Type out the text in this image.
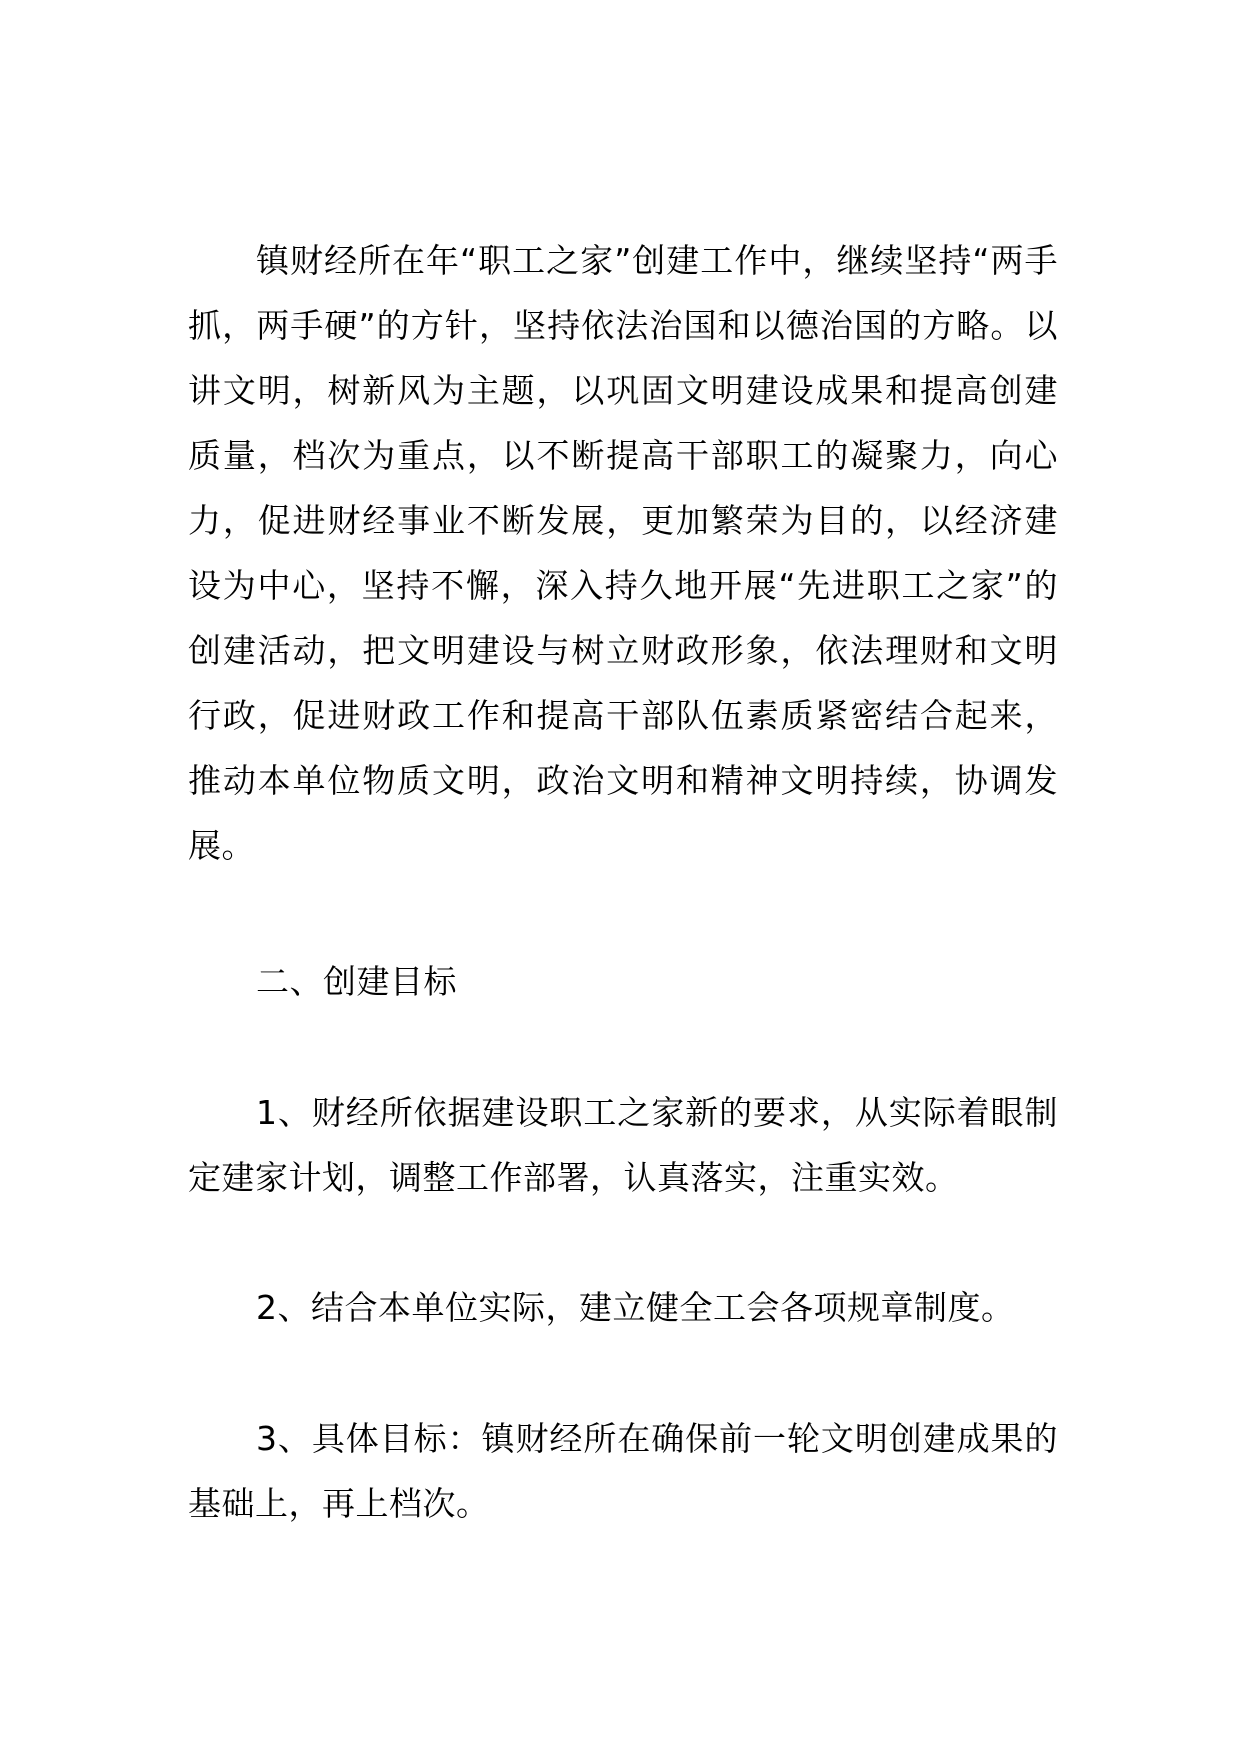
镇财经所在年“职工之家”创建工作中，继续坚持“两手抓，两手硬”的方针，坚持依法治国和以德治国的方略。以讲文明，树新风为主题，以巩固文明建设成果和提高创建质量，档次为重点，以不断提高干部职工的凝聚力，向心力，促进财经事业不断发展，更加繁荣为目的，以经济建设为中心，坚持不懈，深入持久地开展“先进职工之家”的创建活动，把文明建设与树立财政形象，依法理财和文明行政，促进财政工作和提高干部队伍素质紧密结合起来，推动本单位物质文明，政治文明和精神文明持续，协调发展。

二、创建目标

1、财经所依据建设职工之家新的要求，从实际着眼制定建家计划，调整工作部署，认真落实，注重实效。

2、结合本单位实际，建立健全工会各项规章制度。

3、具体目标：镇财经所在确保前一轮文明创建成果的基础上，再上档次。
